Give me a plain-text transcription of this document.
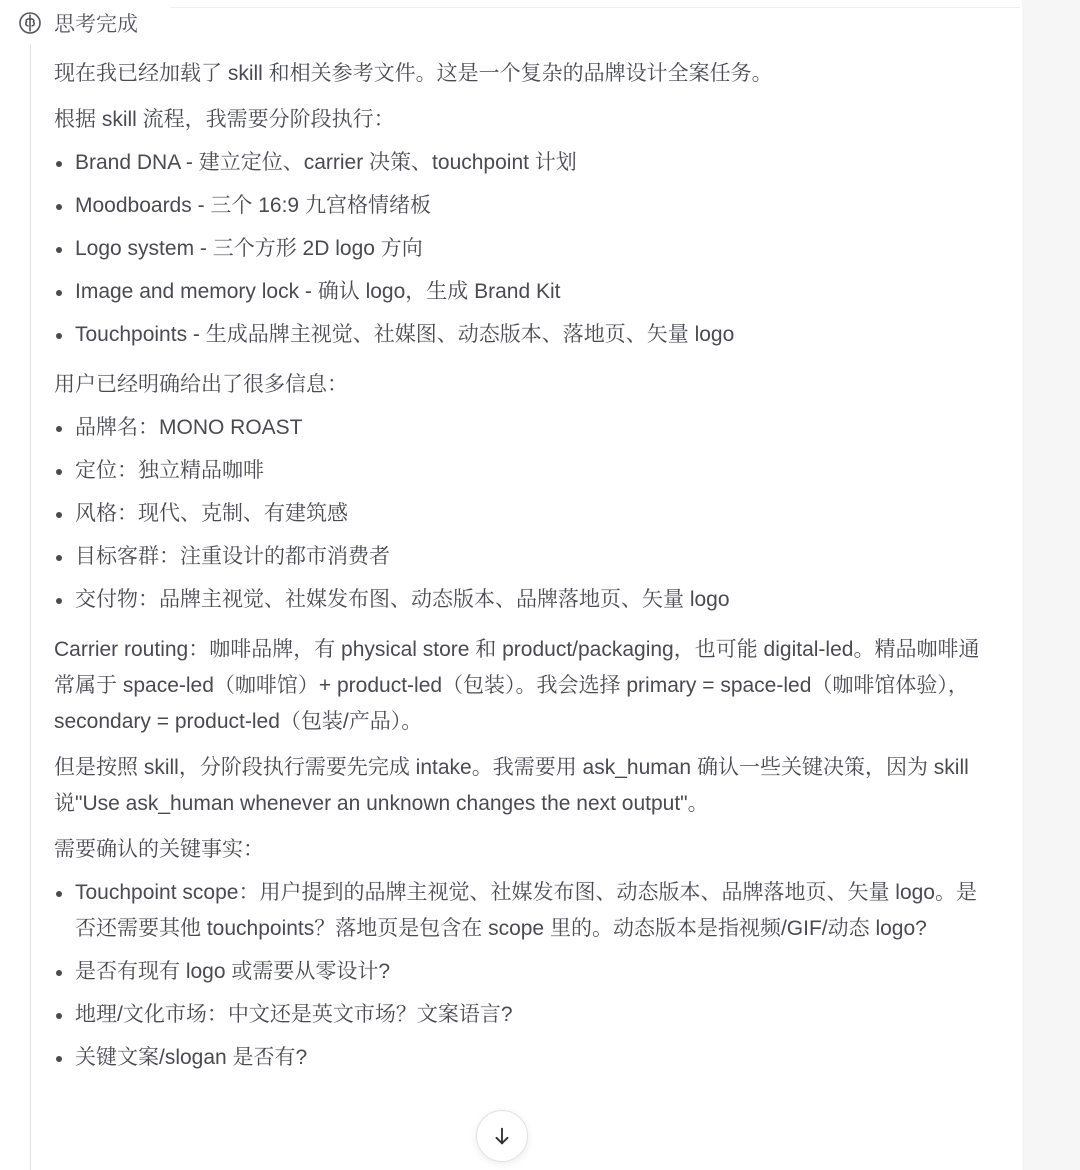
思考完成

现在我已经加载了 skill 和相关参考文件。这是一个复杂的品牌设计全案任务。

根据 skill 流程，我需要分阶段执行：

Brand DNA - 建立定位、carrier 决策、touchpoint 计划
Moodboards - 三个 16:9 九宫格情绪板
Logo system - 三个方形 2D logo 方向
Image and memory lock - 确认 logo，生成 Brand Kit
Touchpoints - 生成品牌主视觉、社媒图、动态版本、落地页、矢量 logo

用户已经明确给出了很多信息：

品牌名：MONO ROAST
定位：独立精品咖啡
风格：现代、克制、有建筑感
目标客群：注重设计的都市消费者
交付物：品牌主视觉、社媒发布图、动态版本、品牌落地页、矢量 logo

Carrier routing：咖啡品牌，有 physical store 和 product/packaging，也可能 digital-led。精品咖啡通常属于 space-led（咖啡馆）+ product-led（包装）。我会选择 primary = space-led（咖啡馆体验），secondary = product-led（包装/产品）。

但是按照 skill，分阶段执行需要先完成 intake。我需要用 ask_human 确认一些关键决策，因为 skill 说"Use ask_human whenever an unknown changes the next output"。

需要确认的关键事实：

Touchpoint scope：用户提到的品牌主视觉、社媒发布图、动态版本、品牌落地页、矢量 logo。是否还需要其他 touchpoints？落地页是包含在 scope 里的。动态版本是指视频/GIF/动态 logo?
是否有现有 logo 或需要从零设计?
地理/文化市场：中文还是英文市场？文案语言?
关键文案/slogan 是否有?
